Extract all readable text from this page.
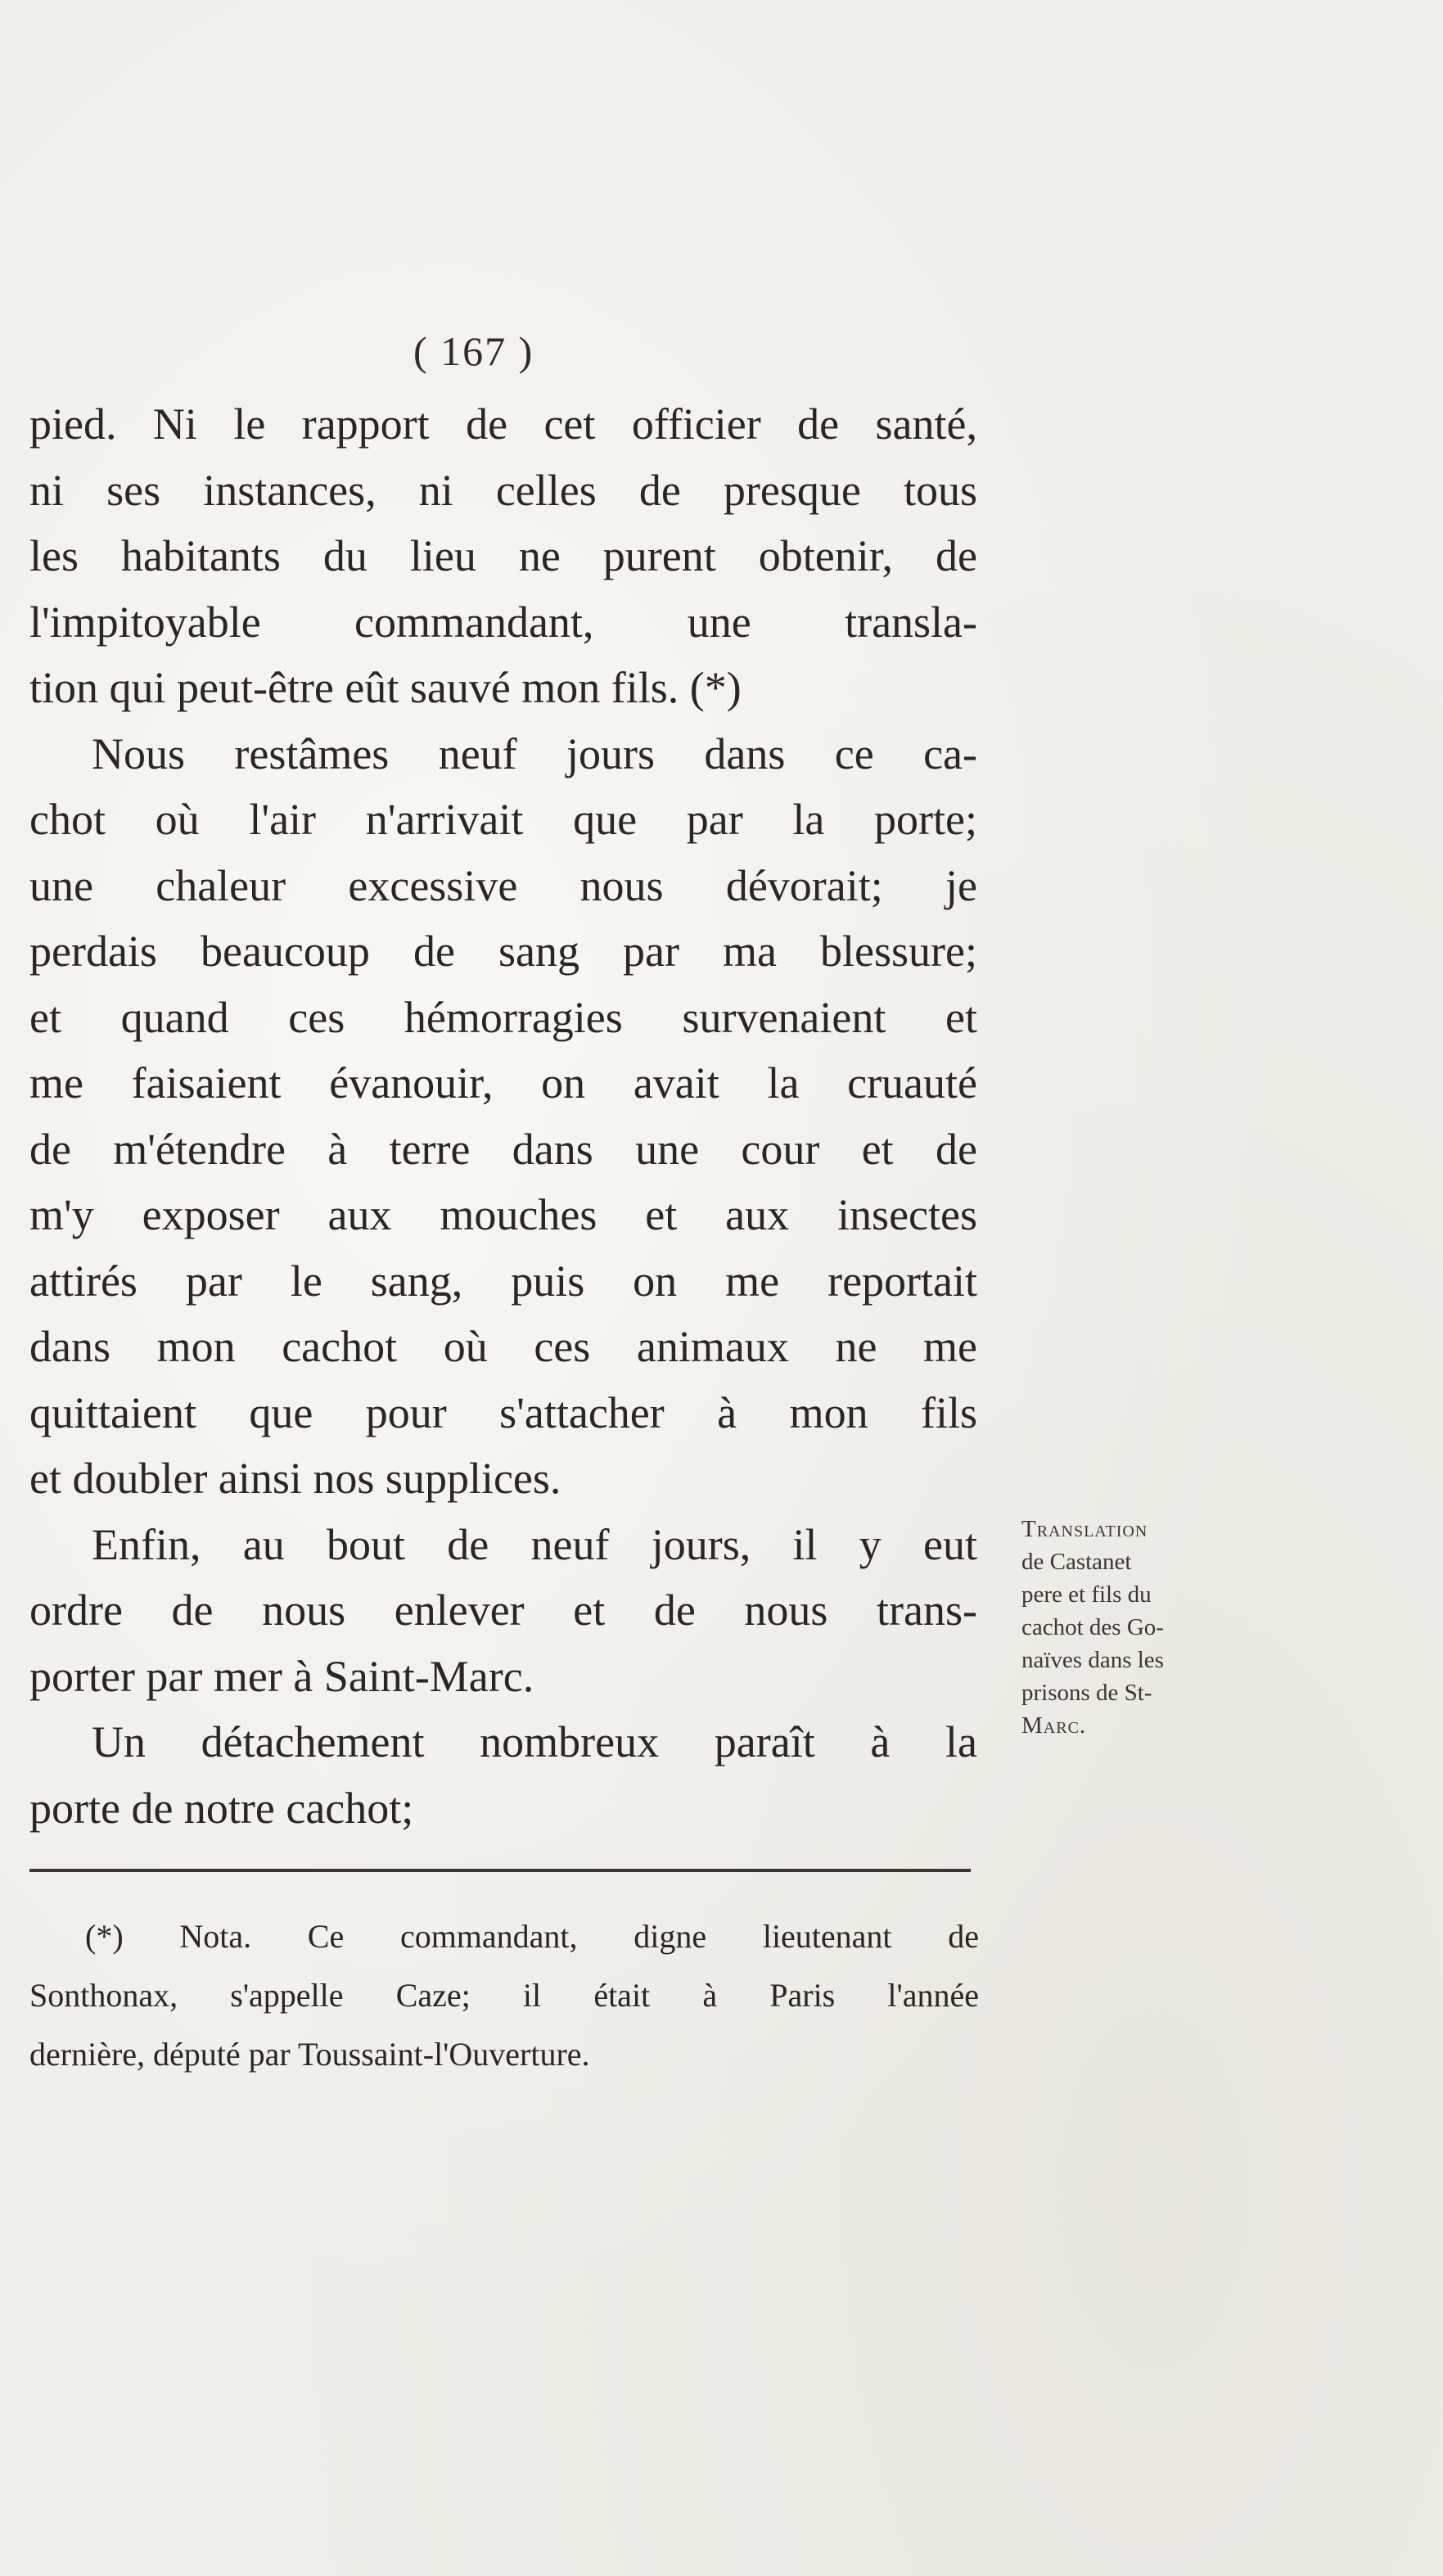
( 167 )
pied. Ni le rapport de cet officier de santé,
ni ses instances, ni celles de presque tous
les habitants du lieu ne purent obtenir, de
l'impitoyable commandant, une transla-
tion qui peut-être eût sauvé mon fils. (*)
Nous restâmes neuf jours dans ce ca-
chot où l'air n'arrivait que par la porte;
une chaleur excessive nous dévorait; je
perdais beaucoup de sang par ma blessure;
et quand ces hémorragies survenaient et
me faisaient évanouir, on avait la cruauté
de m'étendre à terre dans une cour et de
m'y exposer aux mouches et aux insectes
attirés par le sang, puis on me reportait
dans mon cachot où ces animaux ne me
quittaient que pour s'attacher à mon fils
et doubler ainsi nos supplices.
Enfin, au bout de neuf jours, il y eut
ordre de nous enlever et de nous trans-
porter par mer à Saint-Marc.
Un détachement nombreux paraît à la
porte de notre cachot;
Translation
de Castanet
pere et fils du
cachot des Go-
naïves dans les
prisons de St-
Marc.
(*) Nota. Ce commandant, digne lieutenant de
Sonthonax, s'appelle Caze; il était à Paris l'année
dernière, député par Toussaint-l'Ouverture.
